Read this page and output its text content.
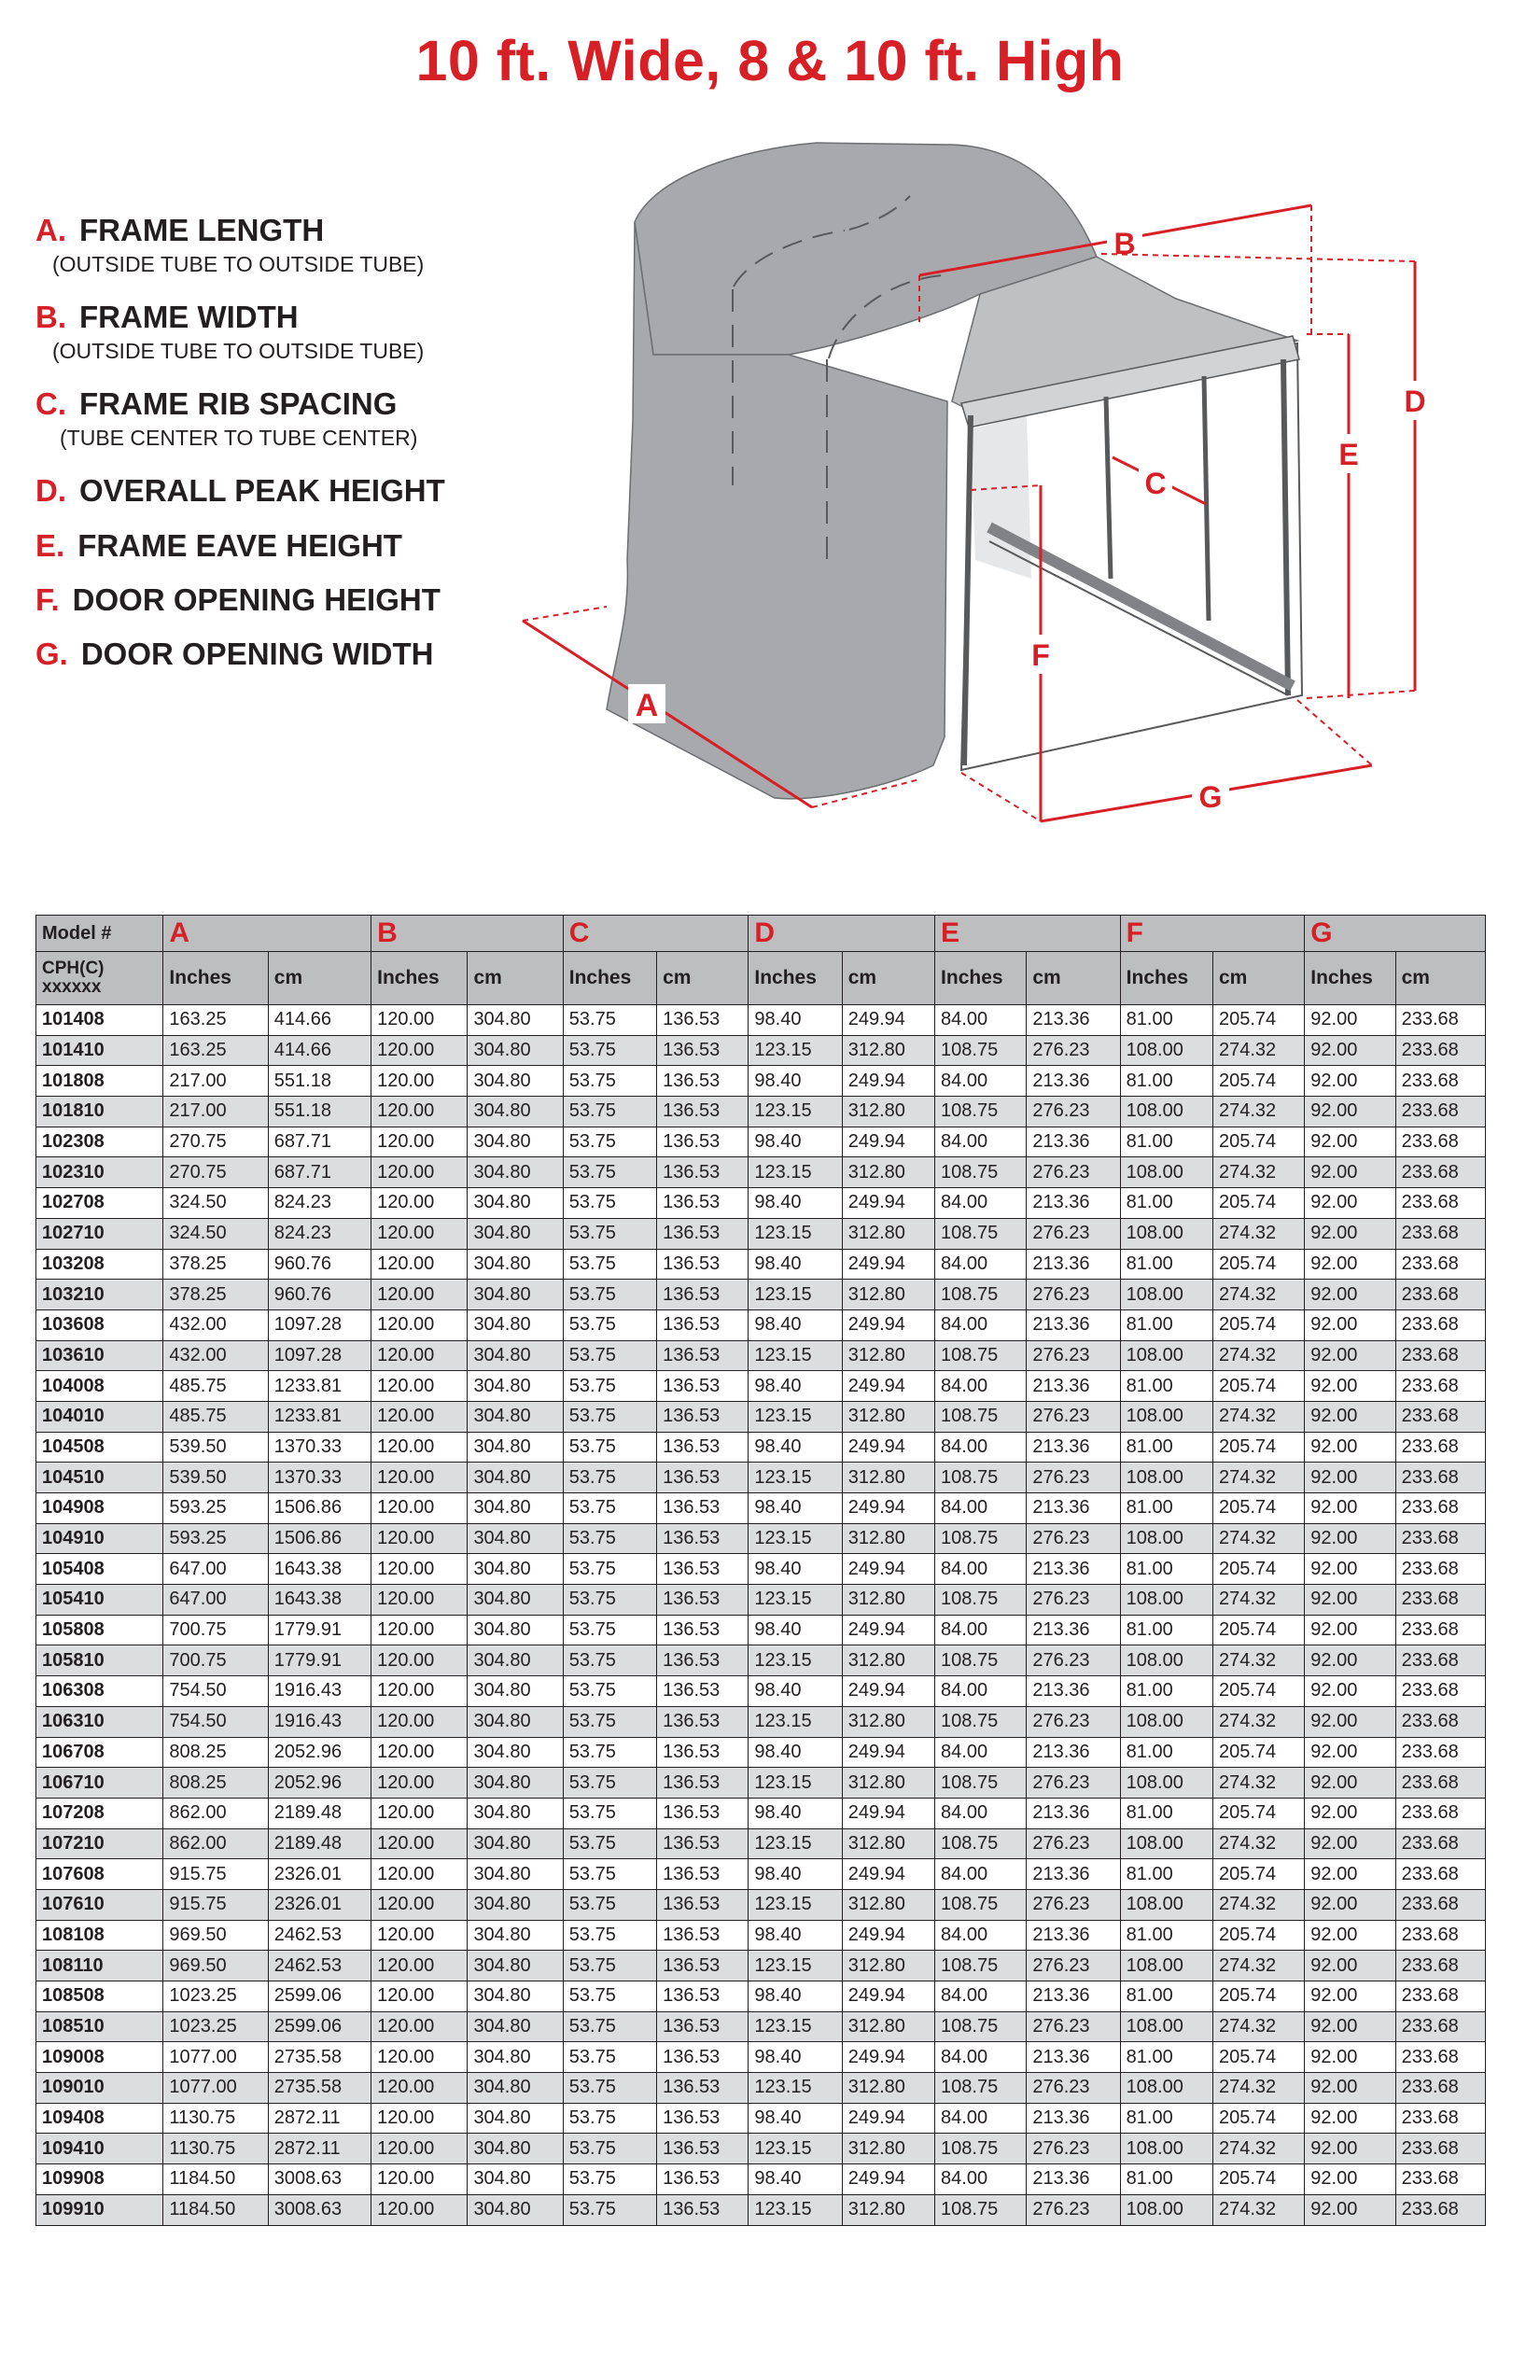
10 ft. Wide, 8 & 10 ft. High
A. FRAME LENGTH
(OUTSIDE TUBE TO OUTSIDE TUBE)
B. FRAME WIDTH
(OUTSIDE TUBE TO OUTSIDE TUBE)
C. FRAME RIB SPACING
(TUBE CENTER TO TUBE CENTER)
D. OVERALL PEAK HEIGHT
E. FRAME EAVE HEIGHT
F. DOOR OPENING HEIGHT
G. DOOR OPENING WIDTH
A
B
C
D
E
F
G
Model #	A		B		C		D		E		F		G	
CPH(C) xxxxxx	Inches	cm	Inches	cm	Inches	cm	Inches	cm	Inches	cm	Inches	cm	Inches	cm
101408	163.25	414.66	120.00	304.80	53.75	136.53	98.40	249.94	84.00	213.36	81.00	205.74	92.00	233.68
101410	163.25	414.66	120.00	304.80	53.75	136.53	123.15	312.80	108.75	276.23	108.00	274.32	92.00	233.68
101808	217.00	551.18	120.00	304.80	53.75	136.53	98.40	249.94	84.00	213.36	81.00	205.74	92.00	233.68
101810	217.00	551.18	120.00	304.80	53.75	136.53	123.15	312.80	108.75	276.23	108.00	274.32	92.00	233.68
102308	270.75	687.71	120.00	304.80	53.75	136.53	98.40	249.94	84.00	213.36	81.00	205.74	92.00	233.68
102310	270.75	687.71	120.00	304.80	53.75	136.53	123.15	312.80	108.75	276.23	108.00	274.32	92.00	233.68
102708	324.50	824.23	120.00	304.80	53.75	136.53	98.40	249.94	84.00	213.36	81.00	205.74	92.00	233.68
102710	324.50	824.23	120.00	304.80	53.75	136.53	123.15	312.80	108.75	276.23	108.00	274.32	92.00	233.68
103208	378.25	960.76	120.00	304.80	53.75	136.53	98.40	249.94	84.00	213.36	81.00	205.74	92.00	233.68
103210	378.25	960.76	120.00	304.80	53.75	136.53	123.15	312.80	108.75	276.23	108.00	274.32	92.00	233.68
103608	432.00	1097.28	120.00	304.80	53.75	136.53	98.40	249.94	84.00	213.36	81.00	205.74	92.00	233.68
103610	432.00	1097.28	120.00	304.80	53.75	136.53	123.15	312.80	108.75	276.23	108.00	274.32	92.00	233.68
104008	485.75	1233.81	120.00	304.80	53.75	136.53	98.40	249.94	84.00	213.36	81.00	205.74	92.00	233.68
104010	485.75	1233.81	120.00	304.80	53.75	136.53	123.15	312.80	108.75	276.23	108.00	274.32	92.00	233.68
104508	539.50	1370.33	120.00	304.80	53.75	136.53	98.40	249.94	84.00	213.36	81.00	205.74	92.00	233.68
104510	539.50	1370.33	120.00	304.80	53.75	136.53	123.15	312.80	108.75	276.23	108.00	274.32	92.00	233.68
104908	593.25	1506.86	120.00	304.80	53.75	136.53	98.40	249.94	84.00	213.36	81.00	205.74	92.00	233.68
104910	593.25	1506.86	120.00	304.80	53.75	136.53	123.15	312.80	108.75	276.23	108.00	274.32	92.00	233.68
105408	647.00	1643.38	120.00	304.80	53.75	136.53	98.40	249.94	84.00	213.36	81.00	205.74	92.00	233.68
105410	647.00	1643.38	120.00	304.80	53.75	136.53	123.15	312.80	108.75	276.23	108.00	274.32	92.00	233.68
105808	700.75	1779.91	120.00	304.80	53.75	136.53	98.40	249.94	84.00	213.36	81.00	205.74	92.00	233.68
105810	700.75	1779.91	120.00	304.80	53.75	136.53	123.15	312.80	108.75	276.23	108.00	274.32	92.00	233.68
106308	754.50	1916.43	120.00	304.80	53.75	136.53	98.40	249.94	84.00	213.36	81.00	205.74	92.00	233.68
106310	754.50	1916.43	120.00	304.80	53.75	136.53	123.15	312.80	108.75	276.23	108.00	274.32	92.00	233.68
106708	808.25	2052.96	120.00	304.80	53.75	136.53	98.40	249.94	84.00	213.36	81.00	205.74	92.00	233.68
106710	808.25	2052.96	120.00	304.80	53.75	136.53	123.15	312.80	108.75	276.23	108.00	274.32	92.00	233.68
107208	862.00	2189.48	120.00	304.80	53.75	136.53	98.40	249.94	84.00	213.36	81.00	205.74	92.00	233.68
107210	862.00	2189.48	120.00	304.80	53.75	136.53	123.15	312.80	108.75	276.23	108.00	274.32	92.00	233.68
107608	915.75	2326.01	120.00	304.80	53.75	136.53	98.40	249.94	84.00	213.36	81.00	205.74	92.00	233.68
107610	915.75	2326.01	120.00	304.80	53.75	136.53	123.15	312.80	108.75	276.23	108.00	274.32	92.00	233.68
108108	969.50	2462.53	120.00	304.80	53.75	136.53	98.40	249.94	84.00	213.36	81.00	205.74	92.00	233.68
108110	969.50	2462.53	120.00	304.80	53.75	136.53	123.15	312.80	108.75	276.23	108.00	274.32	92.00	233.68
108508	1023.25	2599.06	120.00	304.80	53.75	136.53	98.40	249.94	84.00	213.36	81.00	205.74	92.00	233.68
108510	1023.25	2599.06	120.00	304.80	53.75	136.53	123.15	312.80	108.75	276.23	108.00	274.32	92.00	233.68
109008	1077.00	2735.58	120.00	304.80	53.75	136.53	98.40	249.94	84.00	213.36	81.00	205.74	92.00	233.68
109010	1077.00	2735.58	120.00	304.80	53.75	136.53	123.15	312.80	108.75	276.23	108.00	274.32	92.00	233.68
109408	1130.75	2872.11	120.00	304.80	53.75	136.53	98.40	249.94	84.00	213.36	81.00	205.74	92.00	233.68
109410	1130.75	2872.11	120.00	304.80	53.75	136.53	123.15	312.80	108.75	276.23	108.00	274.32	92.00	233.68
109908	1184.50	3008.63	120.00	304.80	53.75	136.53	98.40	249.94	84.00	213.36	81.00	205.74	92.00	233.68
109910	1184.50	3008.63	120.00	304.80	53.75	136.53	123.15	312.80	108.75	276.23	108.00	274.32	92.00	233.68
